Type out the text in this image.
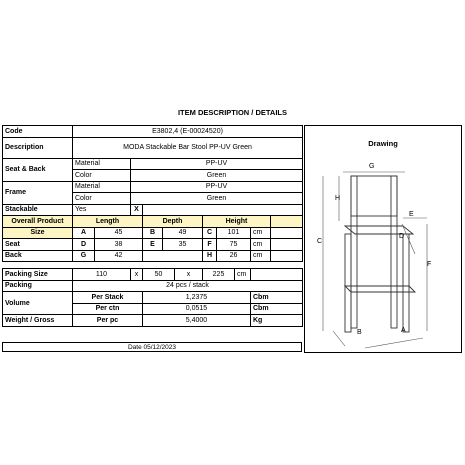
ITEM DESCRIPTION / DETAILS
Code	E3802,4 (E-00024520)										
Description	MODA Stackable Bar Stool PP-UV Green										
Seat & Back	Material		PP-UV								
	Color		Green								
Frame	Material		PP-UV								
	Color		Green								
Stackable	Yes		X								
Overall Product	Length			Depth			Height				
Size	A	45		B	49		C	101		cm	
Seat	D	38		E	35		F	75		cm	
Back	G	42					H	26		cm	

Packing Size	110		x	50		x	225		cm		
Packing	24 pcs / stack										
Volume	Per Stack			1,2375						Cbm	
	Per ctn			0,0515						Cbm	
Weight / Gross	Per pc			5,4000						Kg	
Date 05/12/2023
Drawing
G
H
C
E
D
F
B	A
